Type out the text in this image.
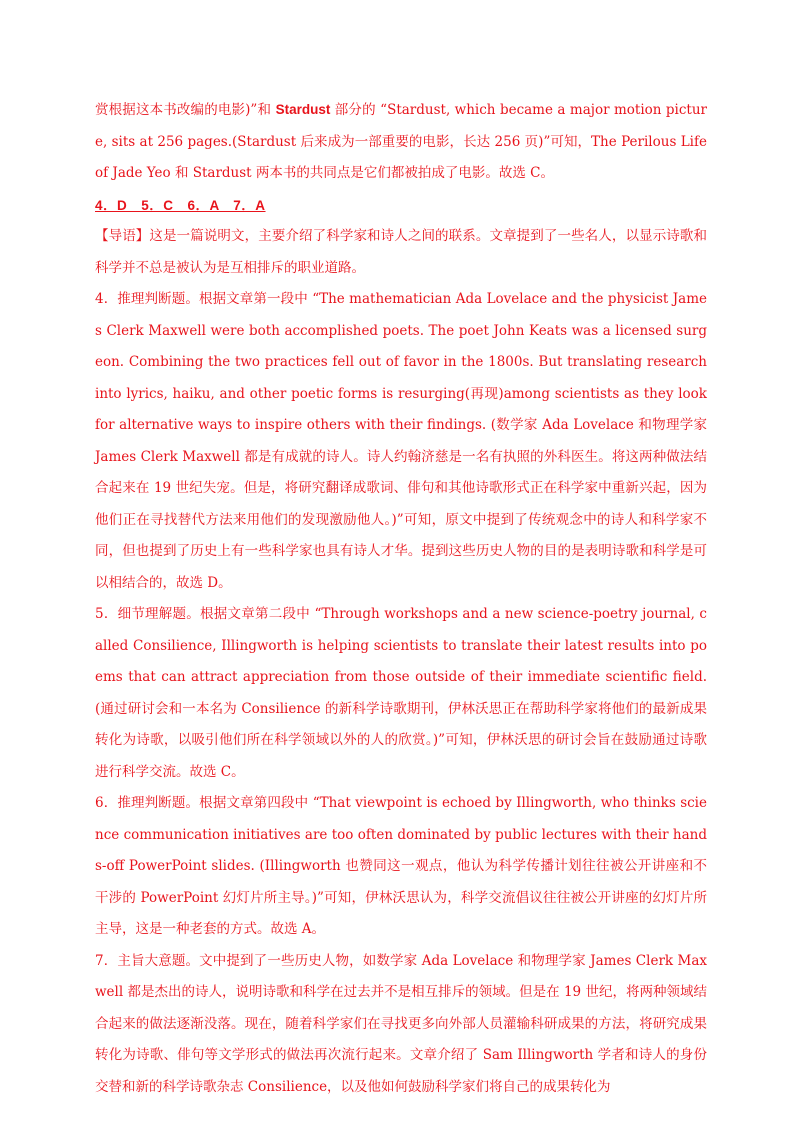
赏根据这本书改编的电影)”和 Stardust 部分的 “Stardust, which became a major motion picture, sits at 256 pages.(Stardust 后来成为一部重要的电影，长达 256 页)”可知，The Perilous Life of Jade Yeo 和 Stardust 两本书的共同点是它们都被拍成了电影。故选 C。

4．D　5．C　6．A　7．A

【导语】这是一篇说明文，主要介绍了科学家和诗人之间的联系。文章提到了一些名人，以显示诗歌和科学并不总是被认为是互相排斥的职业道路。

4．推理判断题。根据文章第一段中 “The mathematician Ada Lovelace and the physicist James Clerk Maxwell were both accomplished poets. The poet John Keats was a licensed surgeon. Combining the two practices fell out of favor in the 1800s. But translating research into lyrics, haiku, and other poetic forms is resurging(再现)among scientists as they look for alternative ways to inspire others with their findings. (数学家 Ada Lovelace 和物理学家 James Clerk Maxwell 都是有成就的诗人。诗人约翰济慈是一名有执照的外科医生。将这两种做法结合起来在 19 世纪失宠。但是，将研究翻译成歌词、俳句和其他诗歌形式正在科学家中重新兴起，因为他们正在寻找替代方法来用他们的发现激励他人。)”可知，原文中提到了传统观念中的诗人和科学家不同，但也提到了历史上有一些科学家也具有诗人才华。提到这些历史人物的目的是表明诗歌和科学是可以相结合的，故选 D。

5．细节理解题。根据文章第二段中 “Through workshops and a new science-poetry journal, called Consilience, Illingworth is helping scientists to translate their latest results into poems that can attract appreciation from those outside of their immediate scientific field. (通过研讨会和一本名为 Consilience 的新科学诗歌期刊，伊林沃思正在帮助科学家将他们的最新成果转化为诗歌，以吸引他们所在科学领域以外的人的欣赏。)”可知，伊林沃思的研讨会旨在鼓励通过诗歌进行科学交流。故选 C。

6．推理判断题。根据文章第四段中 “That viewpoint is echoed by Illingworth, who thinks science communication initiatives are too often dominated by public lectures with their hands-off PowerPoint slides. (Illingworth 也赞同这一观点，他认为科学传播计划往往被公开讲座和不干涉的 PowerPoint 幻灯片所主导。)”可知，伊林沃思认为，科学交流倡议往往被公开讲座的幻灯片所主导，这是一种老套的方式。故选 A。

7．主旨大意题。文中提到了一些历史人物，如数学家 Ada Lovelace 和物理学家 James Clerk Maxwell 都是杰出的诗人，说明诗歌和科学在过去并不是相互排斥的领域。但是在 19 世纪，将两种领域结合起来的做法逐渐没落。现在，随着科学家们在寻找更多向外部人员灌输科研成果的方法，将研究成果转化为诗歌、俳句等文学形式的做法再次流行起来。文章介绍了 Sam Illingworth 学者和诗人的身份交替和新的科学诗歌杂志 Consilience，以及他如何鼓励科学家们将自己的成果转化为
